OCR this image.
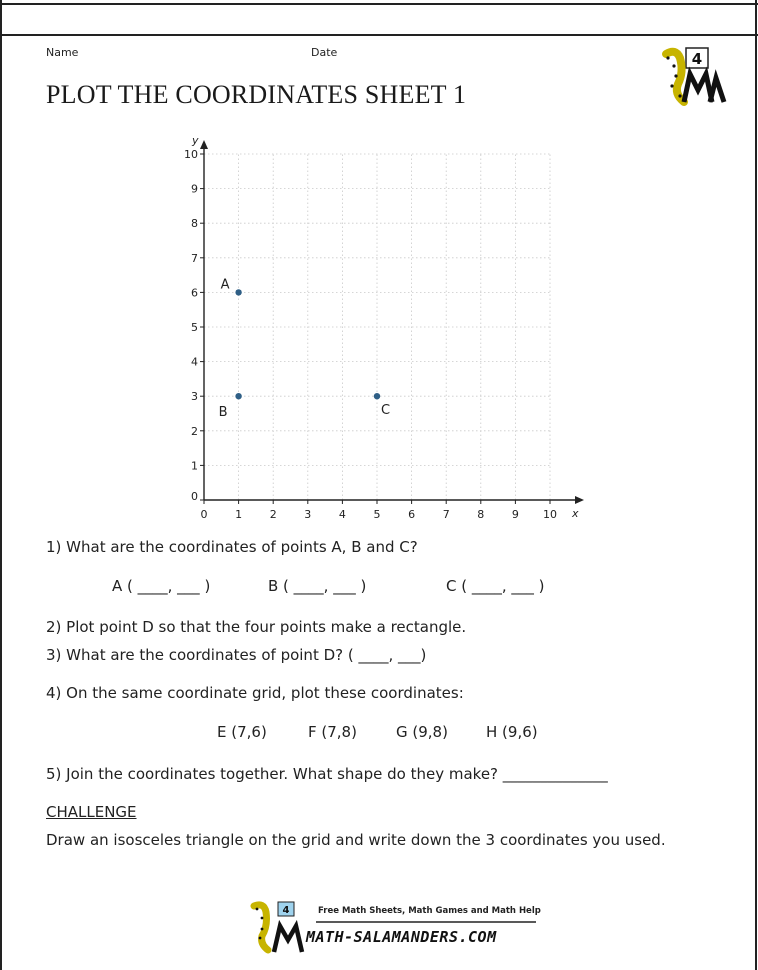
Name	Date
PLOT THE COORDINATES SHEET 1
4
x
y
0	1	2	3	4	5	6	7	8	9 10
0
1
2
3
4
5
6
7
8
9
10
A
B	C
1) What are the coordinates of points A, B and C?
A ( ____, ___ )	B ( ____, ___ )	C ( ____, ___ )
2) Plot point D so that the four points make a rectangle.
3) What are the coordinates of point D? ( ____, ___)
4) On the same coordinate grid, plot these coordinates:
E (7,6)	F (7,8)	G (9,8)	H (9,6)
5) Join the coordinates together. What shape do they make? ______________
CHALLENGE
Draw an isosceles triangle on the grid and write down the 3 coordinates you used.
4	Free Math Sheets, Math Games and Math Help
MATH-SALAMANDERS.COM
